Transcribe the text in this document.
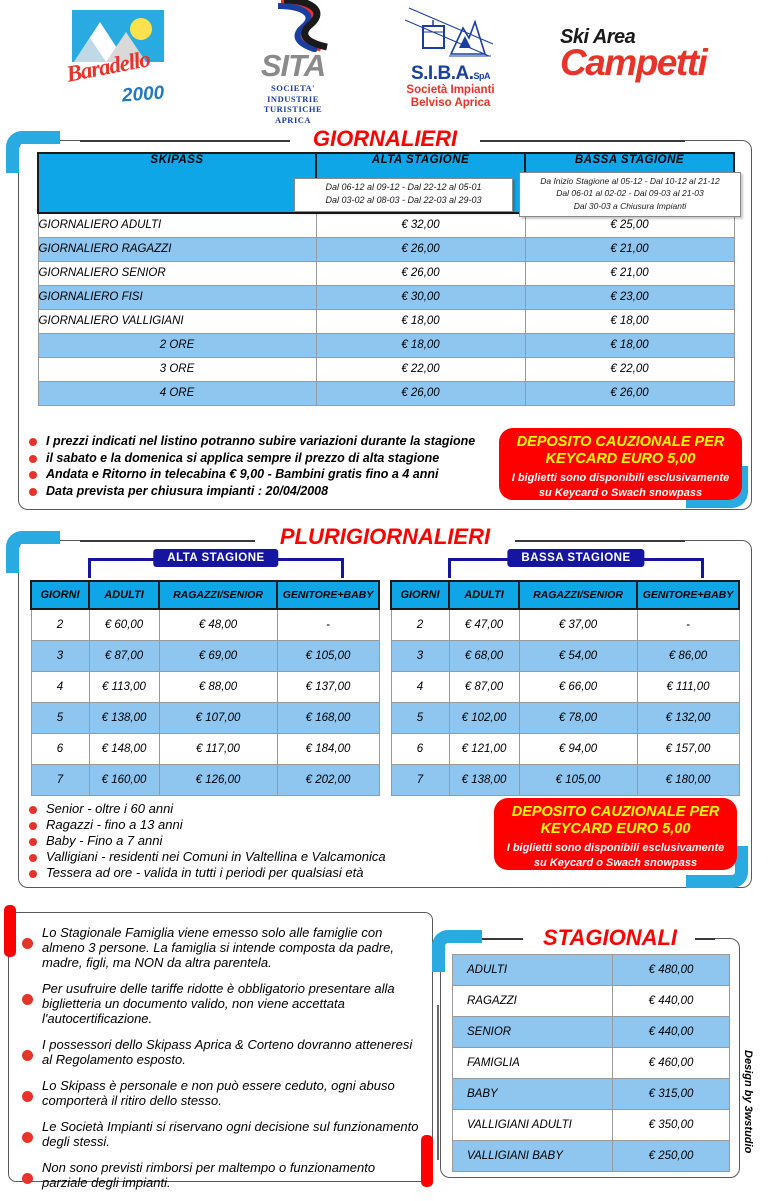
Baradello
2000
SITA
SOCIETA'
INDUSTRIE
TURISTICHE
APRICA
S.I.B.A.SpA
Società Impianti
Belviso Aprica
Ski Area
Campetti
GIORNALIERI
SKIPASS	ALTA STAGIONE	BASSA STAGIONE
GIORNALIERO ADULTI	€ 32,00	€ 25,00
GIORNALIERO RAGAZZI	€ 26,00	€ 21,00
GIORNALIERO SENIOR	€ 26,00	€ 21,00
GIORNALIERO FISI	€ 30,00	€ 23,00
GIORNALIERO VALLIGIANI	€ 18,00	€ 18,00
2 ORE	€ 18,00	€ 18,00
3 ORE	€ 22,00	€ 22,00
4 ORE	€ 26,00	€ 26,00
Dal 06-12 al 09-12 - Dal 22-12 al 05-01
Dal 03-02 al 08-03 - Dal 22-03 al 29-03
Da Inizio Stagione al 05-12 - Dal 10-12 al 21-12
Dal 06-01 al 02-02 - Dal 09-03 al 21-03
Dal 30-03 a Chiusura Impianti
I prezzi indicati nel listino potranno subire variazioni durante la stagione
il sabato e la domenica si applica sempre il prezzo di alta stagione
Andata e Ritorno in telecabina € 9,00 - Bambini gratis fino a 4 anni
Data prevista per chiusura impianti : 20/04/2008
DEPOSITO CAUZIONALE PER
KEYCARD EURO 5,00
I biglietti sono disponibili esclusivamente
su Keycard o Swach snowpass
PLURIGIORNALIERI
ALTA STAGIONE	BASSA STAGIONE
GIORNI	ADULTI	RAGAZZI/SENIOR	GENITORE+BABY
2	€ 60,00	€ 48,00	-
3	€ 87,00	€ 69,00	€ 105,00
4	€ 113,00	€ 88,00	€ 137,00
5	€ 138,00	€ 107,00	€ 168,00
6	€ 148,00	€ 117,00	€ 184,00
7	€ 160,00	€ 126,00	€ 202,00
GIORNI	ADULTI	RAGAZZI/SENIOR	GENITORE+BABY
2	€ 47,00	€ 37,00	-
3	€ 68,00	€ 54,00	€ 86,00
4	€ 87,00	€ 66,00	€ 111,00
5	€ 102,00	€ 78,00	€ 132,00
6	€ 121,00	€ 94,00	€ 157,00
7	€ 138,00	€ 105,00	€ 180,00
Senior - oltre i 60 anni
Ragazzi - fino a 13 anni
Baby - Fino a 7 anni
Valligiani - residenti nei Comuni in Valtellina e Valcamonica
Tessera ad ore - valida in tutti i periodi per qualsiasi età
DEPOSITO CAUZIONALE PER
KEYCARD EURO 5,00
I biglietti sono disponibili esclusivamente
su Keycard o Swach snowpass
Lo Stagionale Famiglia viene emesso solo alle famiglie con almeno 3 persone. La famiglia si intende composta da padre, madre, figli, ma NON da altra parentela.
Per usufruire delle tariffe ridotte è obbligatorio presentare alla biglietteria un documento valido, non viene accettata l'autocertificazione.
I possessori dello Skipass Aprica & Corteno dovranno atteneresi al Regolamento esposto.
Lo Skipass è personale e non può essere ceduto, ogni abuso comporterà il ritiro dello stesso.
Le Società Impianti si riservano ogni decisione sul funzionamento degli stessi.
Non sono previsti rimborsi per maltempo o funzionamento parziale degli impianti.
STAGIONALI
ADULTI	€ 480,00
RAGAZZI	€ 440,00
SENIOR	€ 440,00
FAMIGLIA	€ 460,00
BABY	€ 315,00
VALLIGIANI ADULTI	€ 350,00
VALLIGIANI BABY	€ 250,00
Design by 3wstudio
